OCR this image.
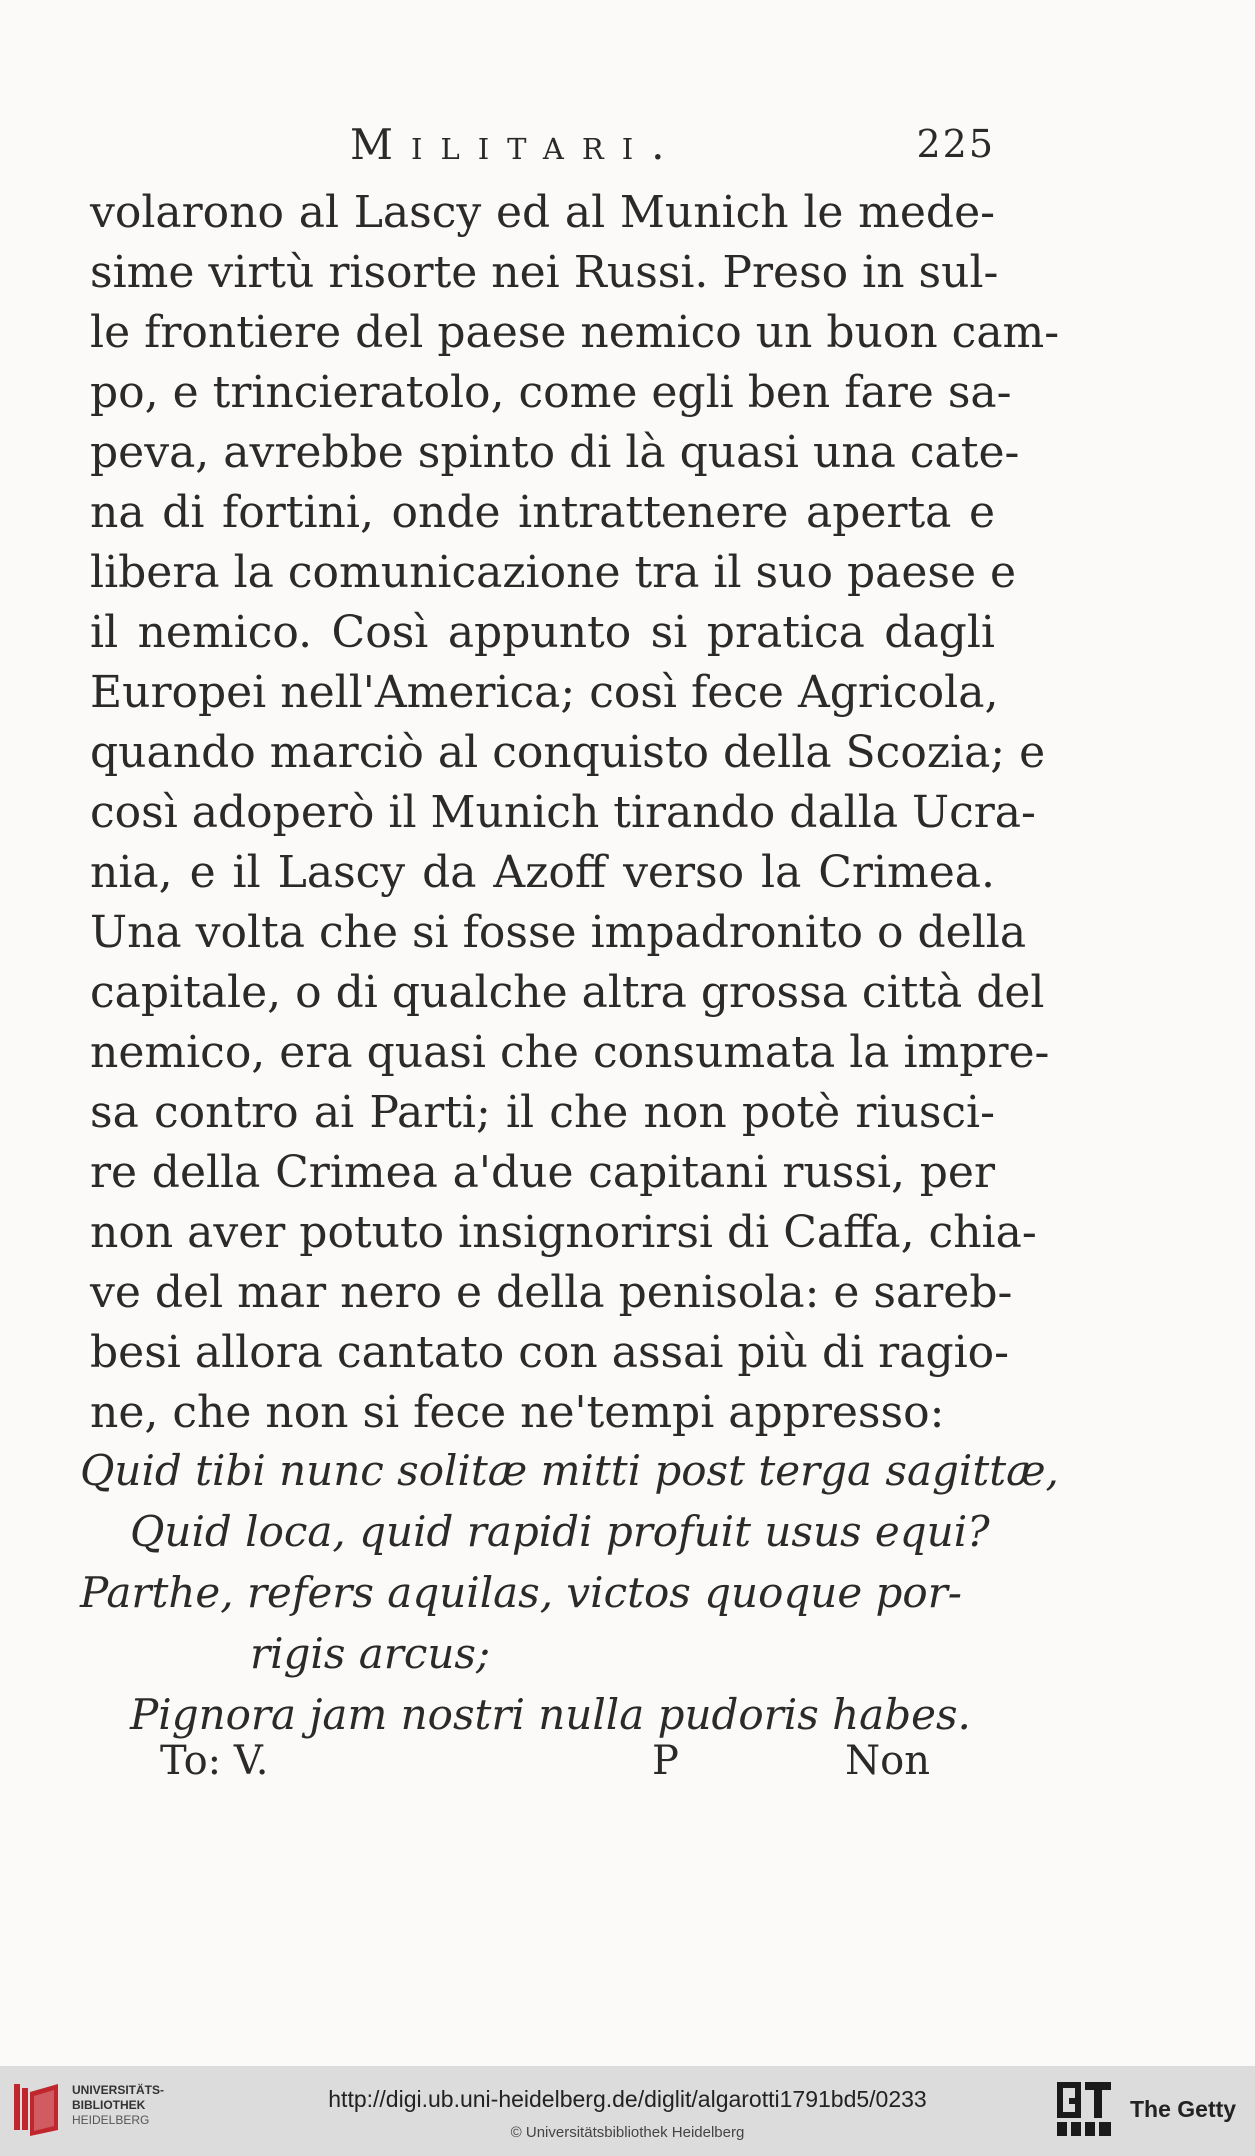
Militari.	225
volarono al Lascy ed al Munich le mede-
sime virtù risorte nei Russi. Preso in sul-
le frontiere del paese nemico un buon cam-
po, e trincieratolo, come egli ben fare sa-
peva, avrebbe spinto di là quasi una cate-
na di fortini, onde intrattenere aperta e
libera la comunicazione tra il suo paese e
il nemico. Così appunto si pratica dagli
Europei nell'America; così fece Agricola,
quando marciò al conquisto della Scozia; e
così adoperò il Munich tirando dalla Ucra-
nia, e il Lascy da Azoff verso la Crimea.
Una volta che si fosse impadronito o della
capitale, o di qualche altra grossa città del
nemico, era quasi che consumata la impre-
sa contro ai Parti; il che non potè riusci-
re della Crimea a'due capitani russi, per
non aver potuto insignorirsi di Caffa, chia-
ve del mar nero e della penisola: e sareb-
besi allora cantato con assai più di ragio-
ne, che non si fece ne'tempi appresso:
Quid tibi nunc solitæ mitti post terga sagittæ,
Quid loca, quid rapidi profuit usus equi?
Parthe, refers aquilas, victos quoque por-
rigis arcus;
Pignora jam nostri nulla pudoris habes.
To: V.	P	Non
UNIVERSITÄTS-
BIBLIOTHEK
HEIDELBERG
http://digi.ub.uni-heidelberg.de/diglit/algarotti1791bd5/0233
© Universitätsbibliothek Heidelberg
The Getty
